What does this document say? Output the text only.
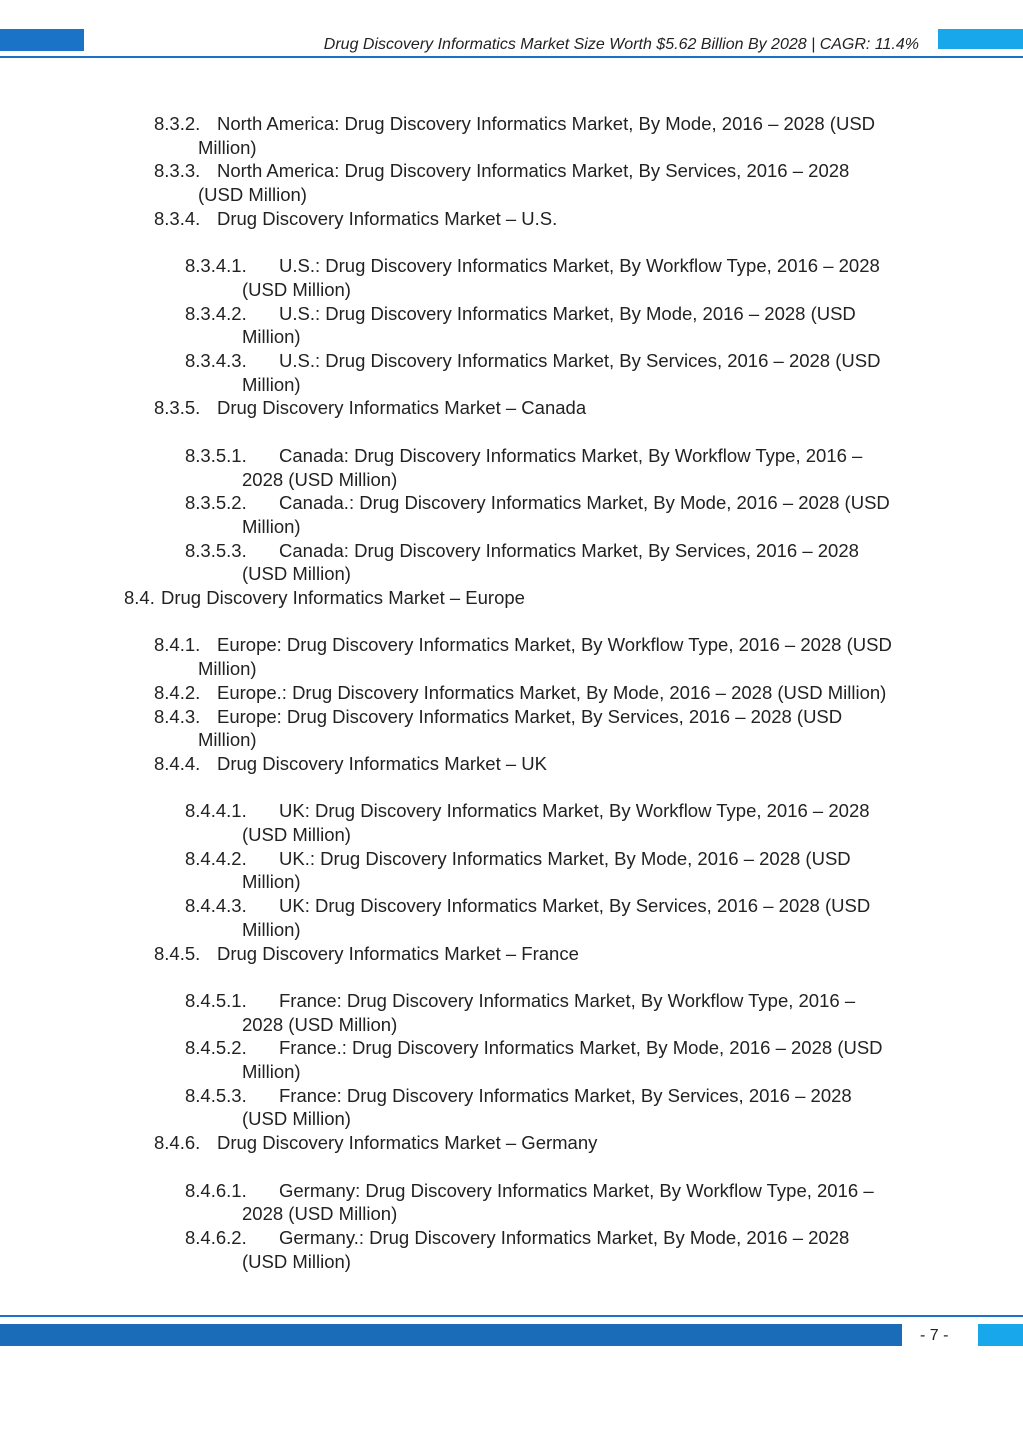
Drug Discovery Informatics Market Size Worth $5.62 Billion By 2028 | CAGR: 11.4%
8.3.2. North America: Drug Discovery Informatics Market, By Mode, 2016 – 2028 (USD
Million)
8.3.3. North America: Drug Discovery Informatics Market, By Services, 2016 – 2028
(USD Million)
8.3.4. Drug Discovery Informatics Market – U.S.
8.3.4.1. U.S.: Drug Discovery Informatics Market, By Workflow Type, 2016 – 2028
(USD Million)
8.3.4.2. U.S.: Drug Discovery Informatics Market, By Mode, 2016 – 2028 (USD
Million)
8.3.4.3. U.S.: Drug Discovery Informatics Market, By Services, 2016 – 2028 (USD
Million)
8.3.5. Drug Discovery Informatics Market – Canada
8.3.5.1. Canada: Drug Discovery Informatics Market, By Workflow Type, 2016 –
2028 (USD Million)
8.3.5.2. Canada.: Drug Discovery Informatics Market, By Mode, 2016 – 2028 (USD
Million)
8.3.5.3. Canada: Drug Discovery Informatics Market, By Services, 2016 – 2028
(USD Million)
8.4. Drug Discovery Informatics Market – Europe
8.4.1. Europe: Drug Discovery Informatics Market, By Workflow Type, 2016 – 2028 (USD
Million)
8.4.2. Europe.: Drug Discovery Informatics Market, By Mode, 2016 – 2028 (USD Million)
8.4.3. Europe: Drug Discovery Informatics Market, By Services, 2016 – 2028 (USD
Million)
8.4.4. Drug Discovery Informatics Market – UK
8.4.4.1. UK: Drug Discovery Informatics Market, By Workflow Type, 2016 – 2028
(USD Million)
8.4.4.2. UK.: Drug Discovery Informatics Market, By Mode, 2016 – 2028 (USD
Million)
8.4.4.3. UK: Drug Discovery Informatics Market, By Services, 2016 – 2028 (USD
Million)
8.4.5. Drug Discovery Informatics Market – France
8.4.5.1. France: Drug Discovery Informatics Market, By Workflow Type, 2016 –
2028 (USD Million)
8.4.5.2. France.: Drug Discovery Informatics Market, By Mode, 2016 – 2028 (USD
Million)
8.4.5.3. France: Drug Discovery Informatics Market, By Services, 2016 – 2028
(USD Million)
8.4.6. Drug Discovery Informatics Market – Germany
8.4.6.1. Germany: Drug Discovery Informatics Market, By Workflow Type, 2016 –
2028 (USD Million)
8.4.6.2. Germany.: Drug Discovery Informatics Market, By Mode, 2016 – 2028
(USD Million)
- 7 -
